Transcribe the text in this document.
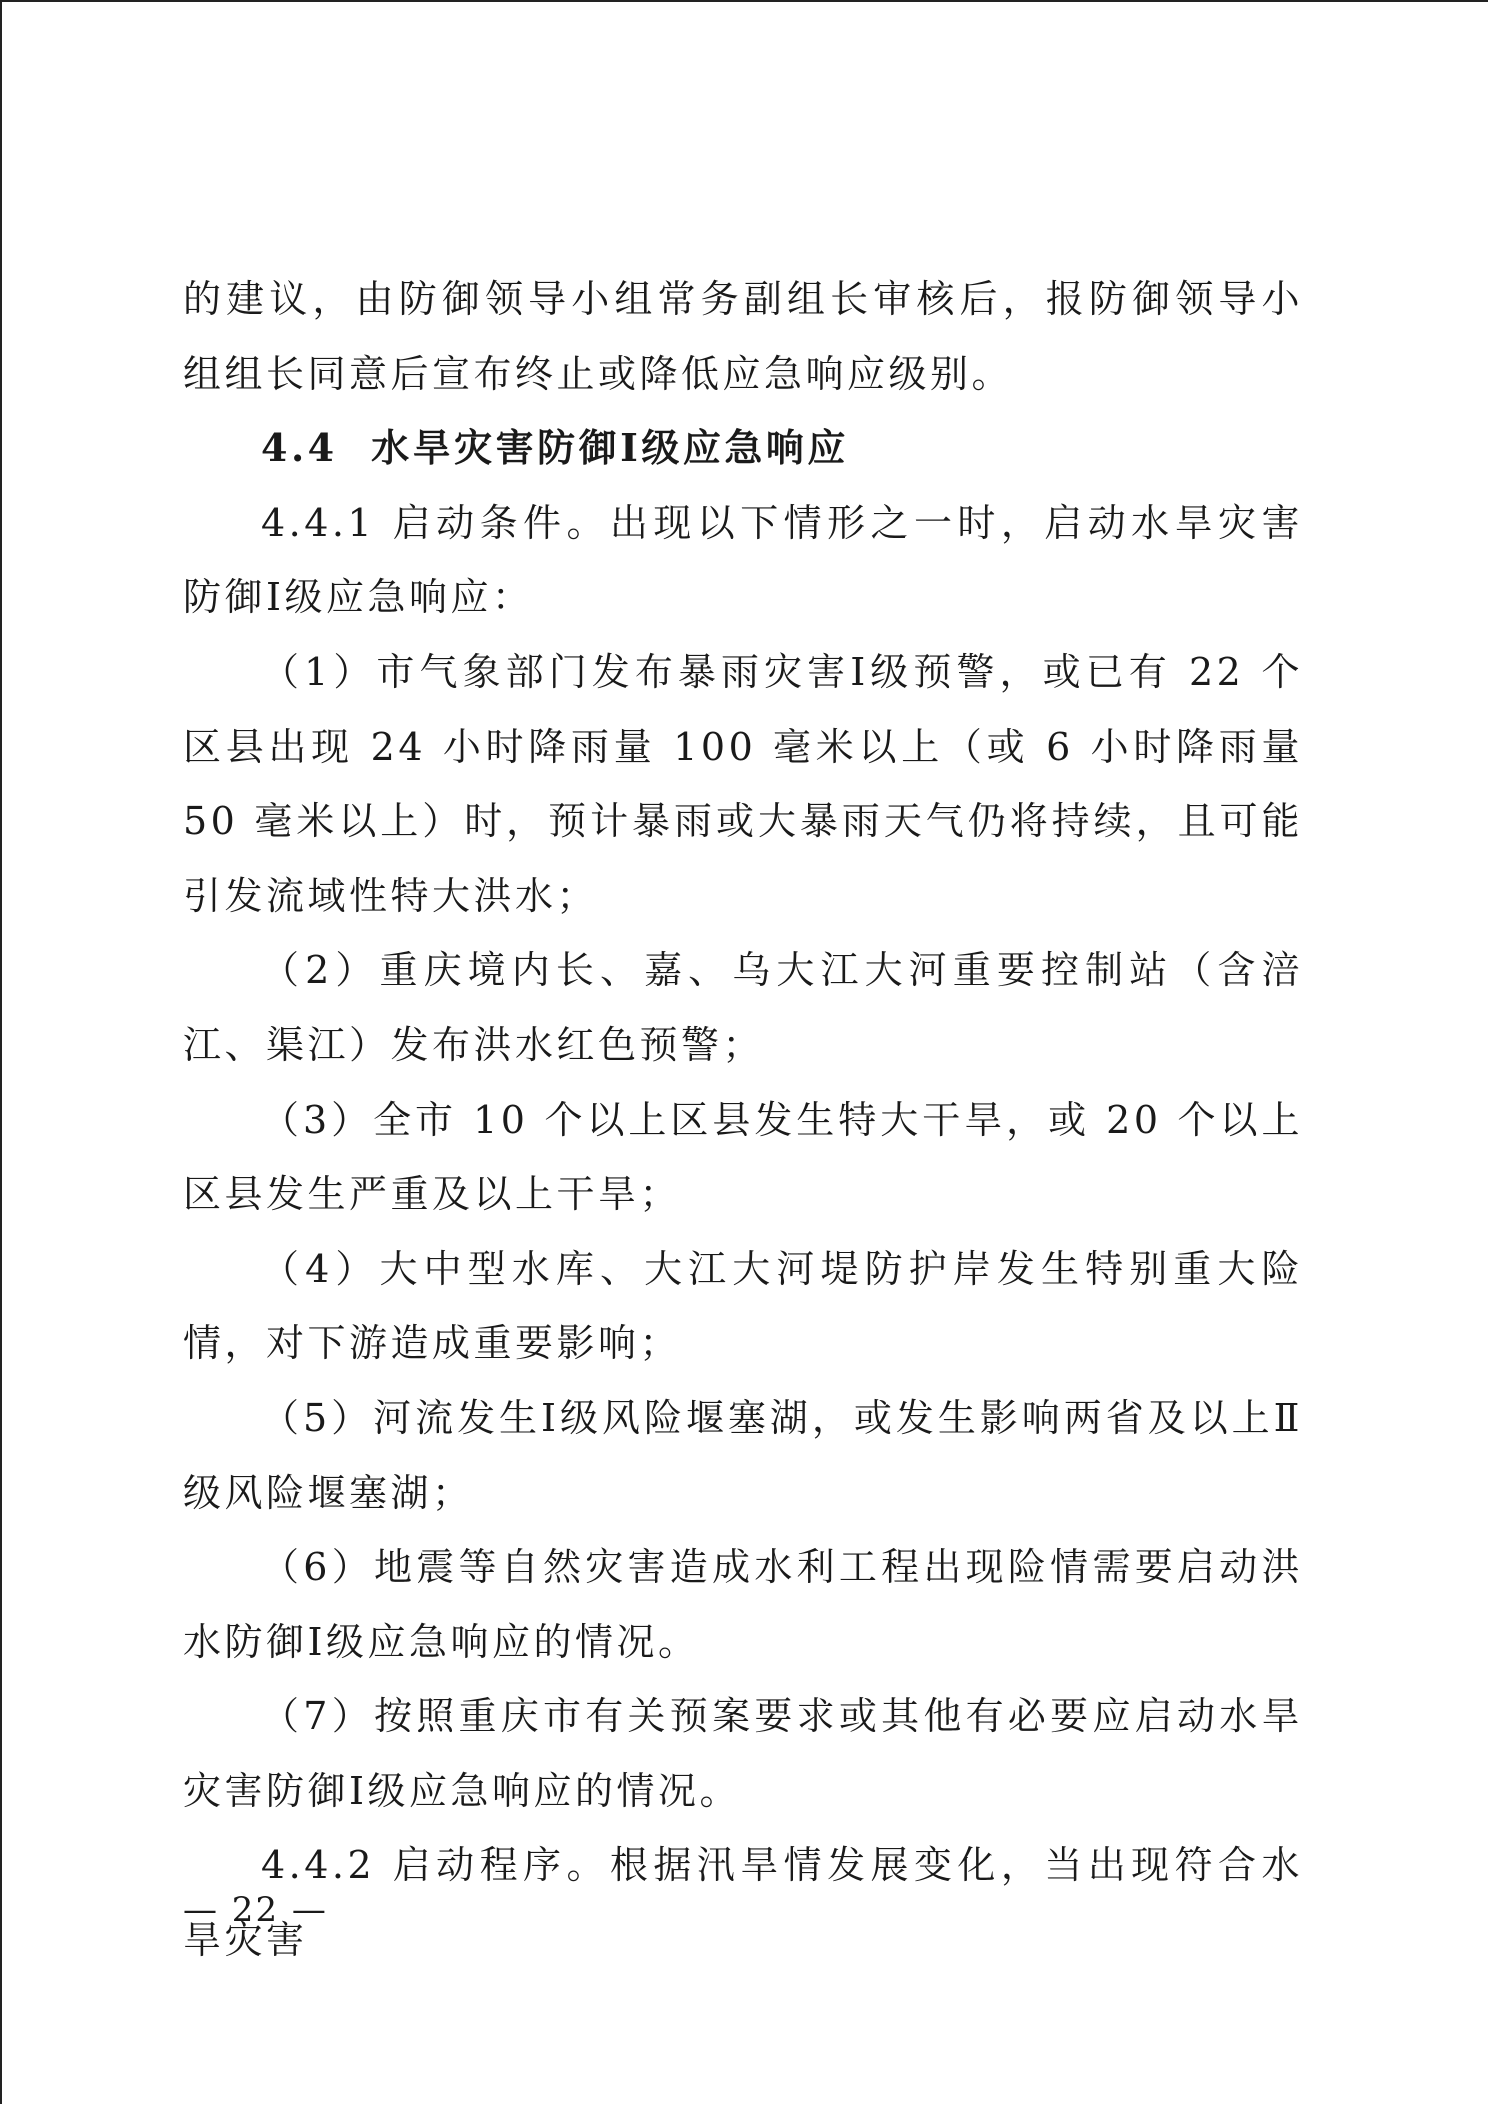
的建议，由防御领导小组常务副组长审核后，报防御领导小组组长同意后宣布终止或降低应急响应级别。

4.4  水旱灾害防御Ⅰ级应急响应

4.4.1 启动条件。出现以下情形之一时，启动水旱灾害防御Ⅰ级应急响应：

（1）市气象部门发布暴雨灾害Ⅰ级预警，或已有 22 个区县出现 24 小时降雨量 100 毫米以上（或 6 小时降雨量 50 毫米以上）时，预计暴雨或大暴雨天气仍将持续，且可能引发流域性特大洪水；

（2）重庆境内长、嘉、乌大江大河重要控制站（含涪江、渠江）发布洪水红色预警；

（3）全市 10 个以上区县发生特大干旱，或 20 个以上区县发生严重及以上干旱；

（4）大中型水库、大江大河堤防护岸发生特别重大险情，对下游造成重要影响；

（5）河流发生Ⅰ级风险堰塞湖，或发生影响两省及以上Ⅱ级风险堰塞湖；

（6）地震等自然灾害造成水利工程出现险情需要启动洪水防御Ⅰ级应急响应的情况。

（7）按照重庆市有关预案要求或其他有必要应启动水旱灾害防御Ⅰ级应急响应的情况。

4.4.2 启动程序。根据汛旱情发展变化，当出现符合水旱灾害

— 22 —
